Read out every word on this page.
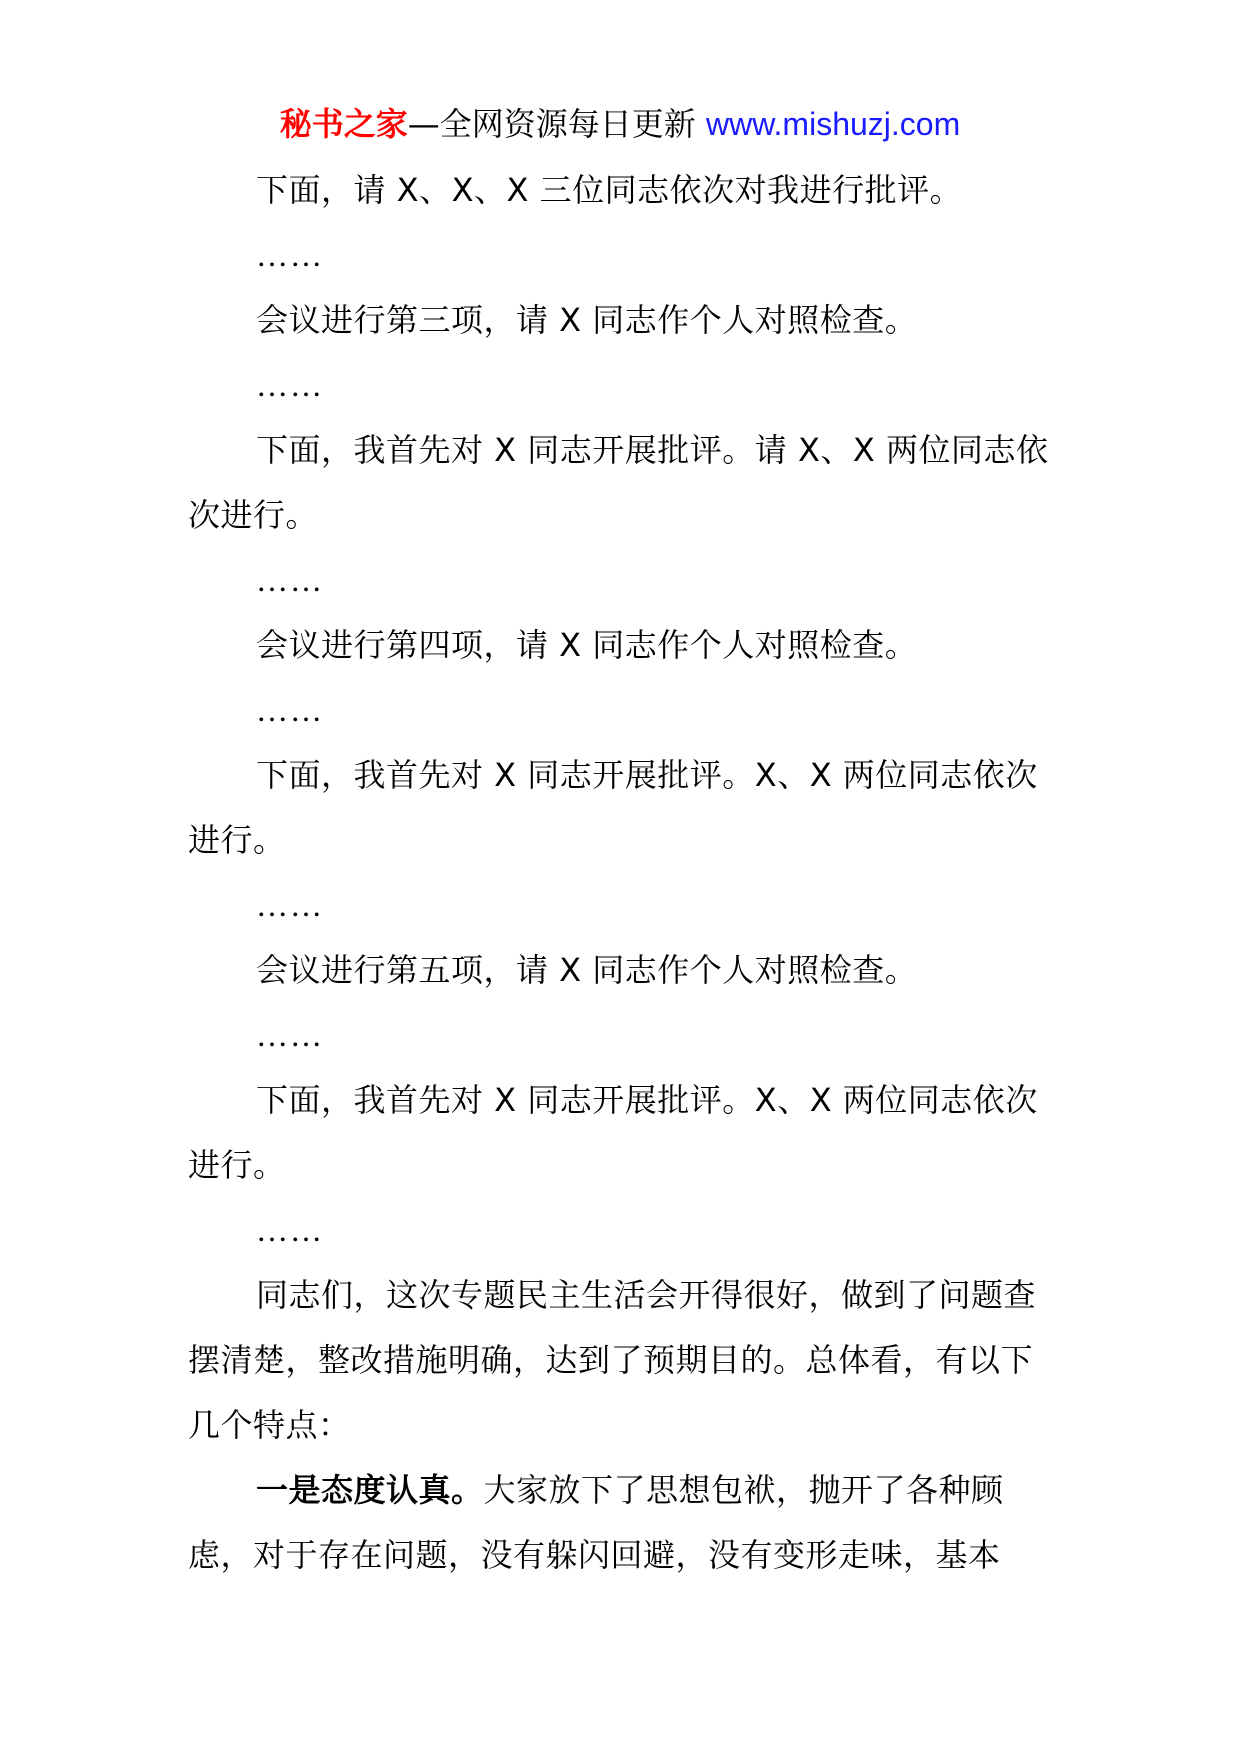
秘书之家—全网资源每日更新 www.mishuzj.com

下面，请 X、X、X 三位同志依次对我进行批评。

……

会议进行第三项，请 X 同志作个人对照检查。

……

下面，我首先对 X 同志开展批评。请 X、X 两位同志依次进行。

……

会议进行第四项，请 X 同志作个人对照检查。

……

下面，我首先对 X 同志开展批评。X、X 两位同志依次进行。

……

会议进行第五项，请 X 同志作个人对照检查。

……

下面，我首先对 X 同志开展批评。X、X 两位同志依次进行。

……

同志们，这次专题民主生活会开得很好，做到了问题查摆清楚，整改措施明确，达到了预期目的。总体看，有以下几个特点：

一是态度认真。大家放下了思想包袱，抛开了各种顾虑，对于存在问题，没有躲闪回避，没有变形走味，基本
